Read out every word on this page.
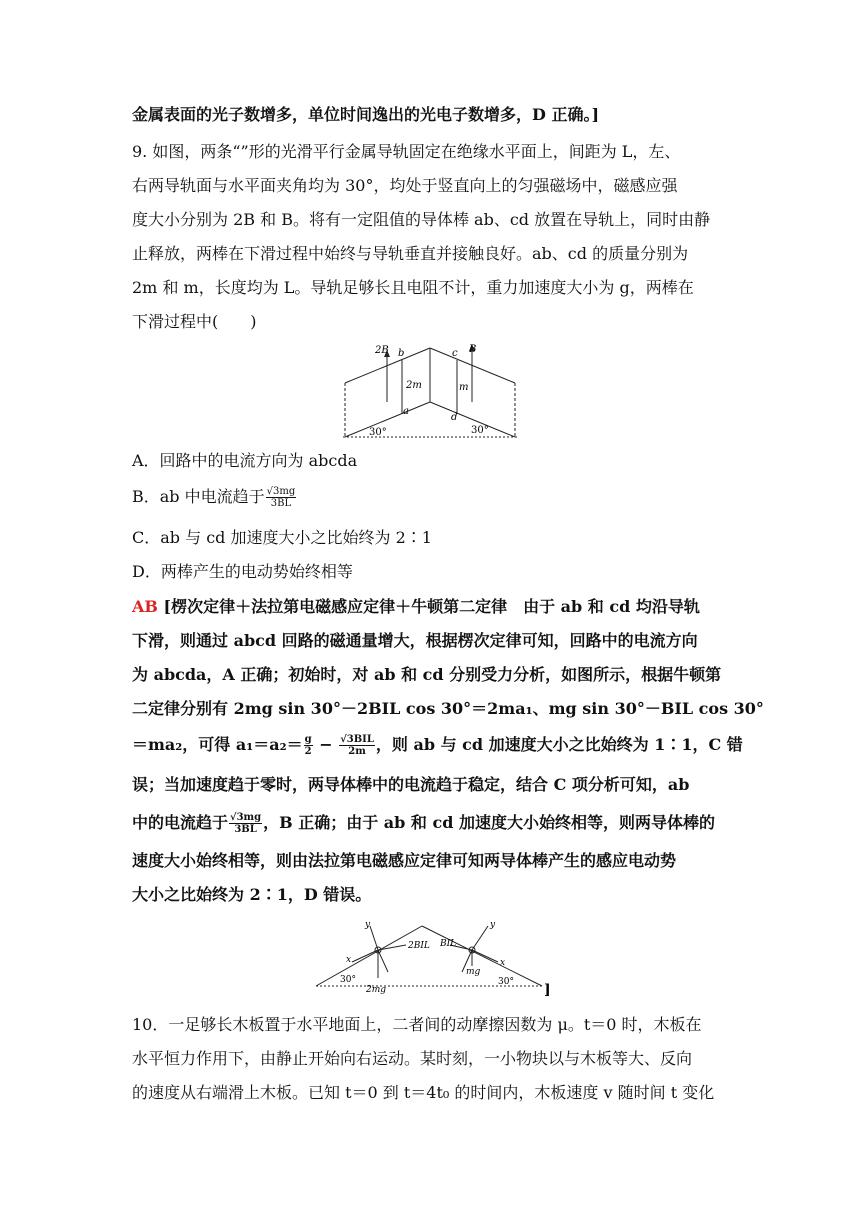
金属表面的光子数增多，单位时间逸出的光电子数增多，D 正确。]
9. 如图，两条“”形的光滑平行金属导轨固定在绝缘水平面上，间距为 L，左、
右两导轨面与水平面夹角均为 30°，均处于竖直向上的匀强磁场中，磁感应强
度大小分别为 2B 和 B。将有一定阻值的导体棒 ab、cd 放置在导轨上，同时由静
止释放，两棒在下滑过程中始终与导轨垂直并接触良好。ab、cd 的质量分别为
2m 和 m，长度均为 L。导轨足够长且电阻不计，重力加速度大小为 g，两棒在
下滑过程中(　　)
2B b	c B
2m	m
a
d
30°	30°
A．回路中的电流方向为 abcda
B．ab 中电流趋于 $\frac{√3mg}{3BL}$
C．ab 与 cd 加速度大小之比始终为 2∶1
D．两棒产生的电动势始终相等
AB [楞次定律＋法拉第电磁感应定律＋牛顿第二定律　由于 ab 和 cd 均沿导轨
下滑，则通过 abcd 回路的磁通量增大，根据楞次定律可知，回路中的电流方向
为 abcda，A 正确；初始时，对 ab 和 cd 分别受力分析，如图所示，根据牛顿第
二定律分别有 2mg sin 30°－2BIL cos 30°＝2ma₁、mg sin 30°－BIL cos 30°
＝ma₂，可得 $a_1=a_2= \frac{g}{2} - \frac{\text{√3BIL}}{2m}$ ，则 ab 与 cd 加速度大小之比始终为 1∶1，C 错
误；当加速度趋于零时，两导体棒中的电流趋于稳定，结合 C 项分析可知，ab
中的电流趋于 $\frac{√3mg}{3BL}$ ，B 正确；由于 ab 和 cd 加速度大小始终相等，则两导体棒的
速度大小始终相等，则由法拉第电磁感应定律可知两导体棒产生的感应电动势
大小之比始终为 2∶1，D 错误。
y
x
2BIL BIL
y
x
mg
2mg
30°	30° ]
10．一足够长木板置于水平地面上，二者间的动摩擦因数为 μ。t＝0 时，木板在
水平恒力作用下，由静止开始向右运动。某时刻，一小物块以与木板等大、反向
的速度从右端滑上木板。已知 t＝0 到 t＝4t₀ 的时间内，木板速度 v 随时间 t 变化
